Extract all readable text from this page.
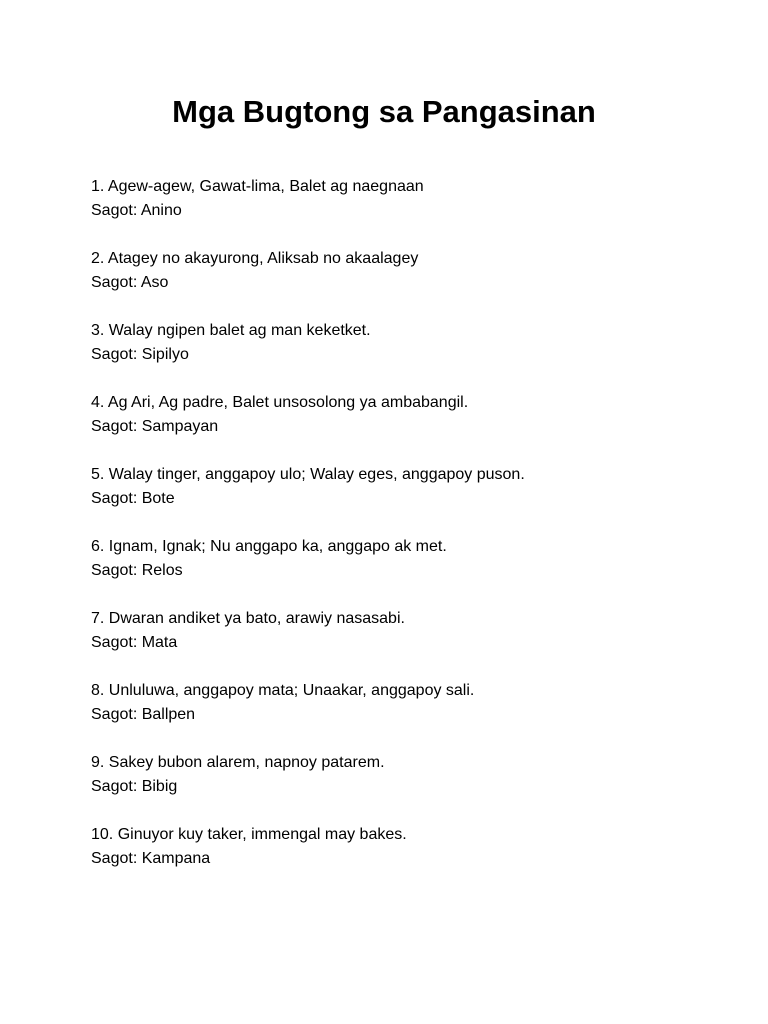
Mga Bugtong sa Pangasinan
1. Agew-agew, Gawat-lima, Balet ag naegnaan
Sagot: Anino
2. Atagey no akayurong, Aliksab no akaalagey
Sagot: Aso
3. Walay ngipen balet ag man keketket.
Sagot: Sipilyo
4. Ag Ari, Ag padre, Balet unsosolong ya ambabangil.
Sagot: Sampayan
5. Walay tinger, anggapoy ulo; Walay eges, anggapoy puson.
Sagot: Bote
6. Ignam, Ignak; Nu anggapo ka, anggapo ak met.
Sagot: Relos
7. Dwaran andiket ya bato, arawiy nasasabi.
Sagot: Mata
8. Unluluwa, anggapoy mata; Unaakar, anggapoy sali.
Sagot: Ballpen
9. Sakey bubon alarem, napnoy patarem.
Sagot: Bibig
10. Ginuyor kuy taker, immengal may bakes.
Sagot: Kampana
